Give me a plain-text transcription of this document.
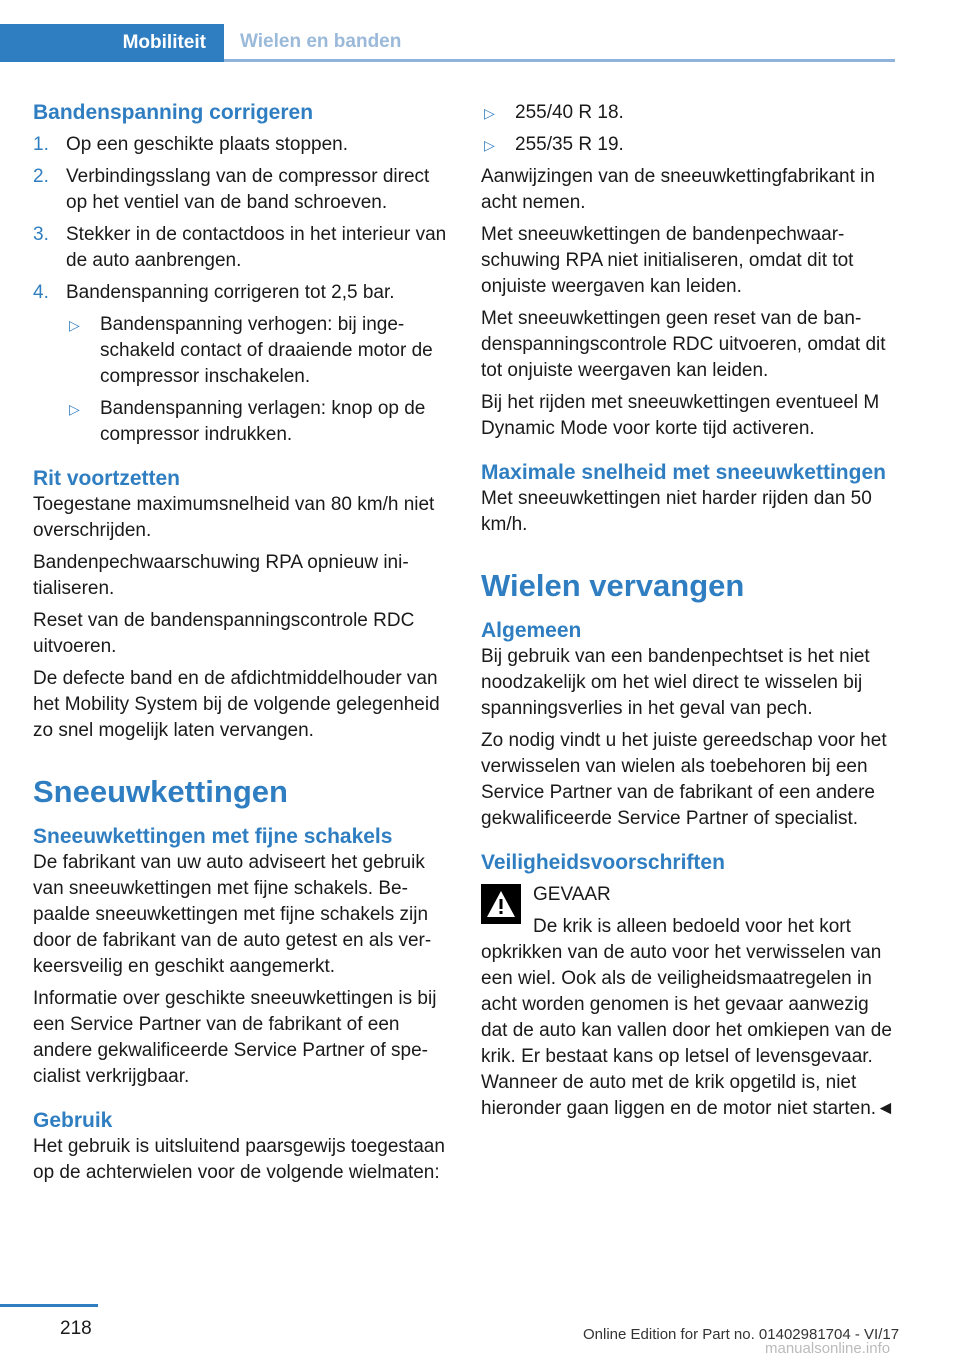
Mobiliteit	Wielen en banden
Bandenspanning corrigeren
1. Op een geschikte plaats stoppen.
2. Verbindingsslang van de compressor direct op het ventiel van de band schroeven.
3. Stekker in de contactdoos in het interieur van de auto aanbrengen.
4. Bandenspanning corrigeren tot 2,5 bar.
▷ Bandenspanning verhogen: bij ingeschakeld contact of draaiende motor de compressor inschakelen.
▷ Bandenspanning verlagen: knop op de compressor indrukken.
Rit voortzetten

Toegestane maximumsnelheid van 80 km/h niet overschrijden.

Bandenpechwaarschuwing RPA opnieuw initialiseren.

Reset van de bandenspanningscontrole RDC uitvoeren.

De defecte band en de afdichtmiddelhouder van het Mobility System bij de volgende gelegenheid zo snel mogelijk laten vervangen.

Sneeuwkettingen
Sneeuwkettingen met fijne schakels

De fabrikant van uw auto adviseert het gebruik van sneeuwkettingen met fijne schakels. Bepaalde sneeuwkettingen met fijne schakels zijn door de fabrikant van de auto getest en als verkeersveilig en geschikt aangemerkt.

Informatie over geschikte sneeuwkettingen is bij een Service Partner van de fabrikant of een andere gekwalificeerde Service Partner of specialist verkrijgbaar.

Gebruik

Het gebruik is uitsluitend paarsgewijs toegestaan op de achterwielen voor de volgende wielmaten:

▷ 255/40 R 18.
▷ 255/35 R 19.

Aanwijzingen van de sneeuwkettingfabrikant in acht nemen.

Met sneeuwkettingen de bandenpechwaarschuwing RPA niet initialiseren, omdat dit tot onjuiste weergaven kan leiden.

Met sneeuwkettingen geen reset van de bandenspanningscontrole RDC uitvoeren, omdat dit tot onjuiste weergaven kan leiden.

Bij het rijden met sneeuwkettingen eventueel M Dynamic Mode voor korte tijd activeren.

Maximale snelheid met sneeuwkettingen

Met sneeuwkettingen niet harder rijden dan 50 km/h.

Wielen vervangen
Algemeen

Bij gebruik van een bandenpechtset is het niet noodzakelijk om het wiel direct te wisselen bij spanningsverlies in het geval van pech.

Zo nodig vindt u het juiste gereedschap voor het verwisselen van wielen als toebehoren bij een Service Partner van de fabrikant of een andere gekwalificeerde Service Partner of specialist.

Veiligheidsvoorschriften

GEVAAR

De krik is alleen bedoeld voor het kort opkrikken van de auto voor het verwisselen van een wiel. Ook als de veiligheidsmaatregelen in acht worden genomen is het gevaar aanwezig dat de auto kan vallen door het omkiepen van de krik. Er bestaat kans op letsel of levensgevaar. Wanneer de auto met de krik opgetild is, niet hieronder gaan liggen en de motor niet starten.◄

218	Online Edition for Part no. 01402981704 - VI/17
manualsonline.info
